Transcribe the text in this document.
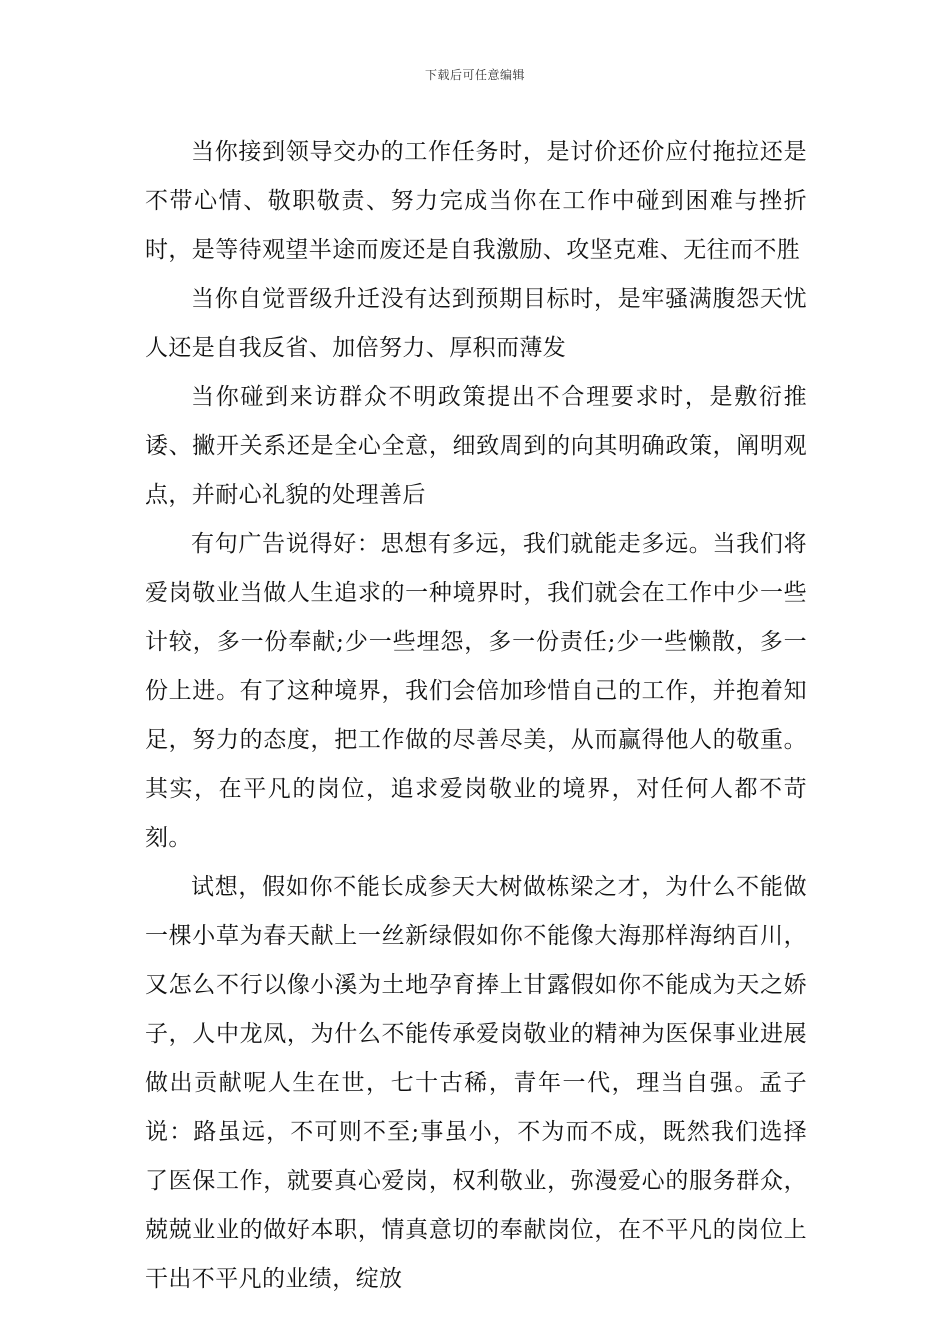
下载后可任意编辑

当你接到领导交办的工作任务时，是讨价还价应付拖拉还是不带心情、敬职敬责、努力完成当你在工作中碰到困难与挫折时，是等待观望半途而废还是自我激励、攻坚克难、无往而不胜

当你自觉晋级升迁没有达到预期目标时，是牢骚满腹怨天忧人还是自我反省、加倍努力、厚积而薄发

当你碰到来访群众不明政策提出不合理要求时，是敷衍推诿、撇开关系还是全心全意，细致周到的向其明确政策，阐明观点，并耐心礼貌的处理善后

有句广告说得好：思想有多远，我们就能走多远。当我们将爱岗敬业当做人生追求的一种境界时，我们就会在工作中少一些计较，多一份奉献;少一些埋怨，多一份责任;少一些懒散，多一份上进。有了这种境界，我们会倍加珍惜自己的工作，并抱着知足，努力的态度，把工作做的尽善尽美，从而赢得他人的敬重。其实，在平凡的岗位，追求爱岗敬业的境界，对任何人都不苛刻。

试想，假如你不能长成参天大树做栋梁之才，为什么不能做一棵小草为春天献上一丝新绿假如你不能像大海那样海纳百川，又怎么不行以像小溪为土地孕育捧上甘露假如你不能成为天之娇子，人中龙凤，为什么不能传承爱岗敬业的精神为医保事业进展做出贡献呢人生在世，七十古稀，青年一代，理当自强。孟子说：路虽远，不可则不至;事虽小，不为而不成，既然我们选择了医保工作，就要真心爱岗，权利敬业，弥漫爱心的服务群众，兢兢业业的做好本职，情真意切的奉献岗位，在不平凡的岗位上干出不平凡的业绩，绽放
